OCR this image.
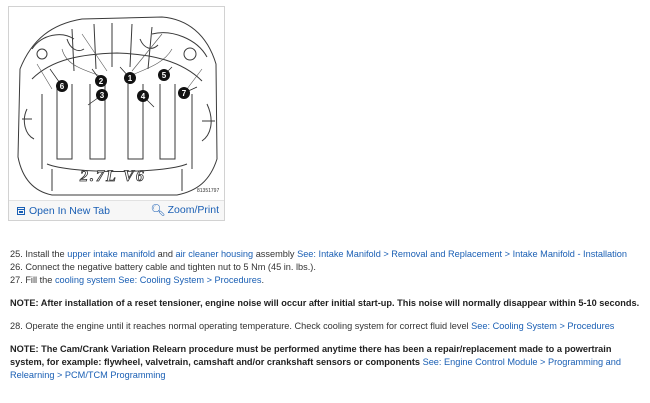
2.7L V6
81351797
1
2
3	4
5
6
7
Open In New Tab	🔍︎ Zoom/Print
25. Install the upper intake manifold and air cleaner housing assembly See: Intake Manifold > Removal and Replacement > Intake Manifold - Installation
26. Connect the negative battery cable and tighten nut to 5 Nm (45 in. lbs.).
27. Fill the cooling system See: Cooling System > Procedures.
NOTE: After installation of a reset tensioner, engine noise will occur after initial start-up. This noise will normally disappear within 5-10 seconds.
28. Operate the engine until it reaches normal operating temperature. Check cooling system for correct fluid level See: Cooling System > Procedures
NOTE: The Cam/Crank Variation Relearn procedure must be performed anytime there has been a repair/replacement made to a powertrain system, for example: flywheel, valvetrain, camshaft and/or crankshaft sensors or components See: Engine Control Module > Programming and Relearning > PCM/TCM Programming
